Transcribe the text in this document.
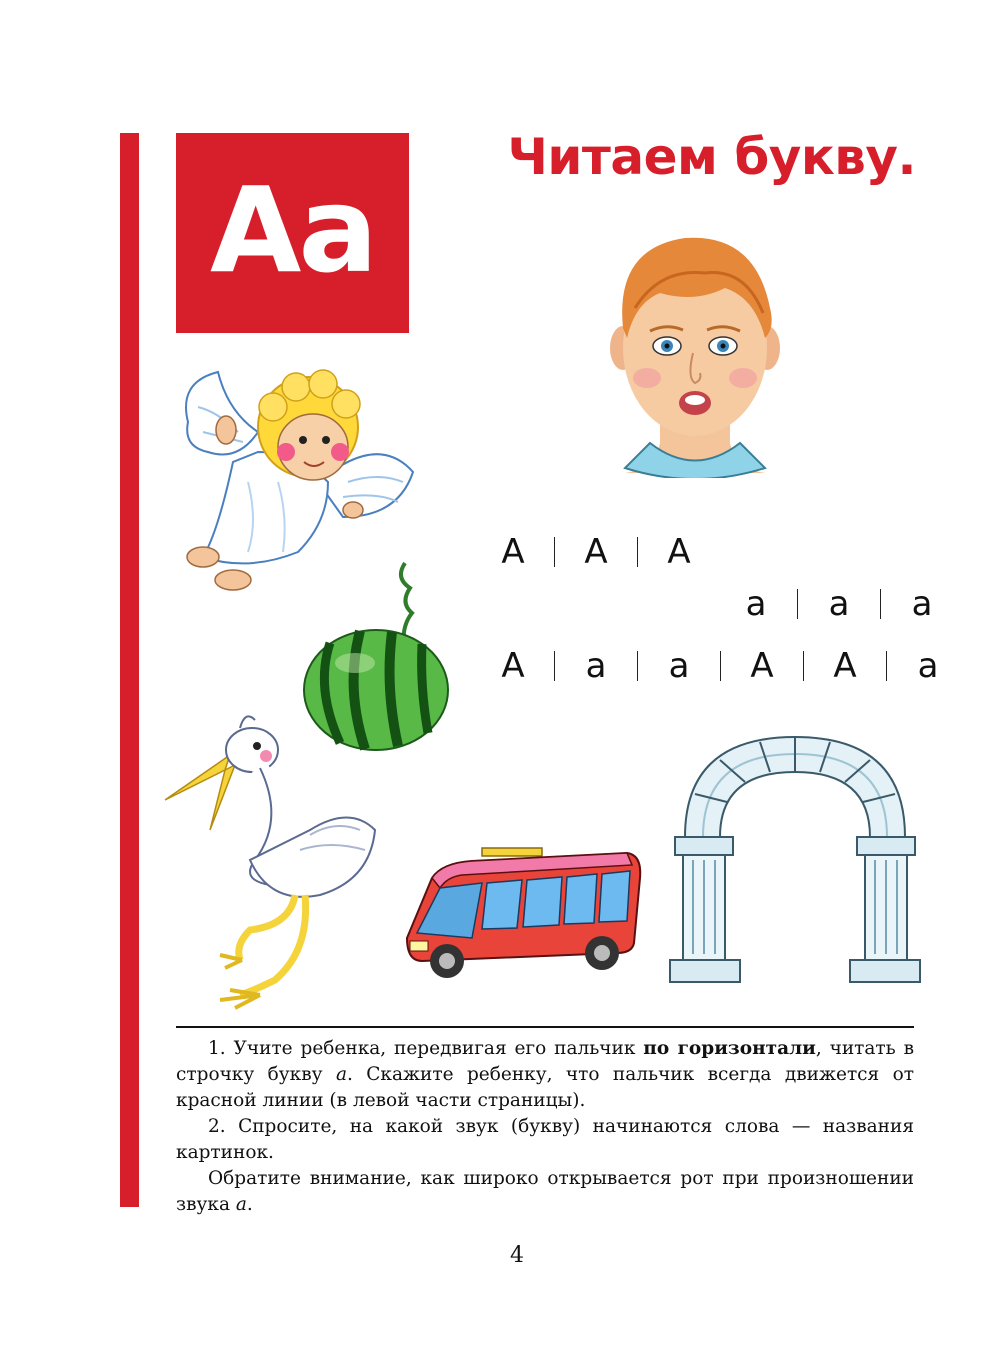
Aa
Читаем букву.
А	А	А
а	а	а
А	а	а	А	А	а

1. Учите ребенка, передвигая его пальчик по горизонтали, читать в строчку букву а. Скажите ребенку, что пальчик всегда движется от красной линии (в левой части страницы).

2. Спросите, на какой звук (букву) начинаются слова — названия картинок.

Обратите внимание, как широко открывается рот при произношении звука а.

4
